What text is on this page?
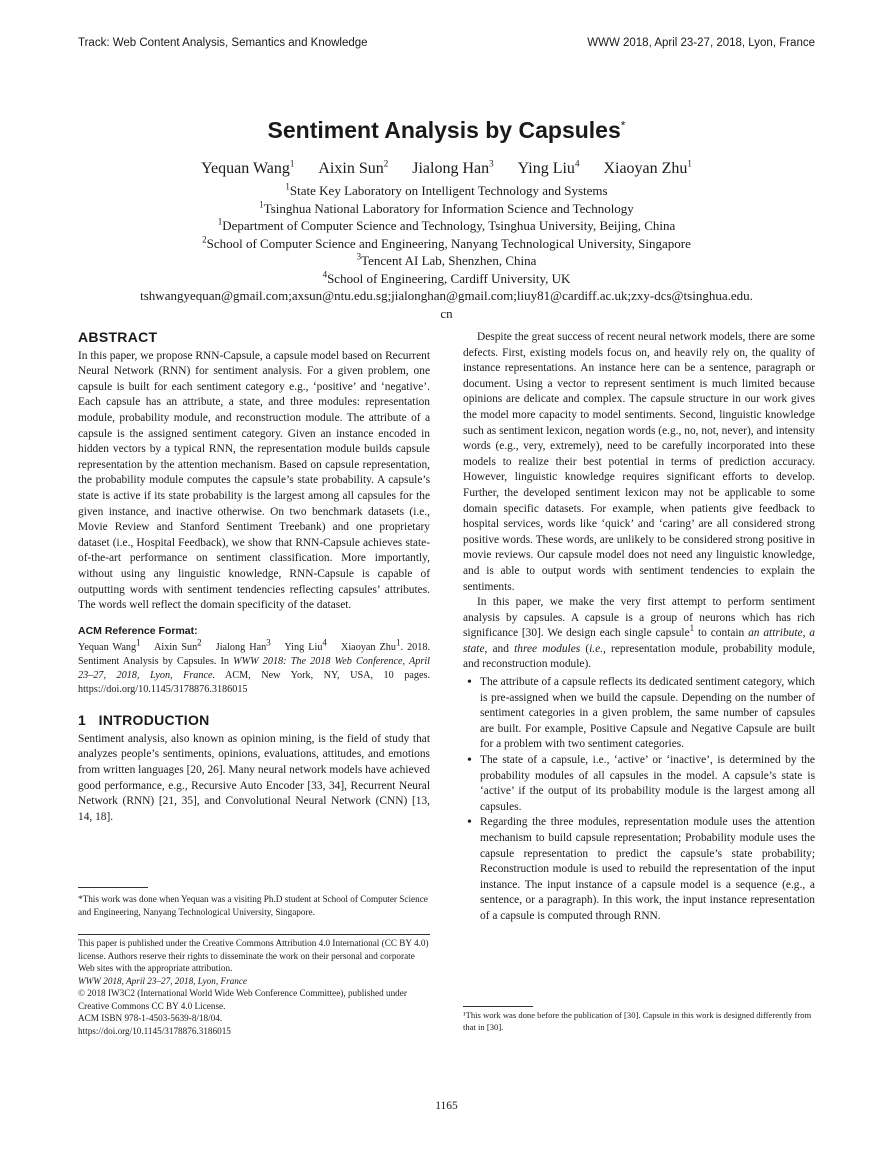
Track: Web Content Analysis, Semantics and Knowledge	WWW 2018, April 23-27, 2018, Lyon, France
Sentiment Analysis by Capsules*
Yequan Wang$^1$ Aixin Sun$^2$ Jialong Han$^3$ Ying Liu$^4$ Xiaoyan Zhu$^1$
$^1$State Key Laboratory on Intelligent Technology and Systems
$^1$Tsinghua National Laboratory for Information Science and Technology
$^1$Department of Computer Science and Technology, Tsinghua University, Beijing, China
$^2$School of Computer Science and Engineering, Nanyang Technological University, Singapore
$^3$Tencent AI Lab, Shenzhen, China
$^4$School of Engineering, Cardiff University, UK
tshwangyequan@gmail.com;axsun@ntu.edu.sg;jialonghan@gmail.com;liuy81@cardiff.ac.uk;zxy-dcs@tsinghua.edu.
cn
ABSTRACT

In this paper, we propose RNN-Capsule, a capsule model based on Recurrent Neural Network (RNN) for sentiment analysis. For a given problem, one capsule is built for each sentiment category e.g., ‘positive’ and ‘negative’. Each capsule has an attribute, a state, and three modules: representation module, probability module, and reconstruction module. The attribute of a capsule is the assigned sentiment category. Given an instance encoded in hidden vectors by a typical RNN, the representation module builds capsule representation by the attention mechanism. Based on capsule representation, the probability module computes the capsule’s state probability. A capsule’s state is active if its state probability is the largest among all capsules for the given instance, and inactive otherwise. On two benchmark datasets (i.e., Movie Review and Stanford Sentiment Treebank) and one proprietary dataset (i.e., Hospital Feedback), we show that RNN-Capsule achieves state-of-the-art performance on sentiment classification. More importantly, without using any linguistic knowledge, RNN-Capsule is capable of outputting words with sentiment tendencies reflecting capsules’ attributes. The words well reflect the domain specificity of the dataset.

ACM Reference Format:
Yequan Wang$^1$ Aixin Sun$^2$ Jialong Han$^3$ Ying Liu$^4$ Xiaoyan Zhu$^1$. 2018. Sentiment Analysis by Capsules. In WWW 2018: The 2018 Web Conference, April 23–27, 2018, Lyon, France. ACM, New York, NY, USA, 10 pages. https://doi.org/10.1145/3178876.3186015
1 INTRODUCTION

Sentiment analysis, also known as opinion mining, is the field of study that analyzes people’s sentiments, opinions, evaluations, attitudes, and emotions from written languages [20, 26]. Many neural network models have achieved good performance, e.g., Recursive Auto Encoder [33, 34], Recurrent Neural Network (RNN) [21, 35], and Convolutional Neural Network (CNN) [13, 14, 18].

*This work was done when Yequan was a visiting Ph.D student at School of Computer Science and Engineering, Nanyang Technological University, Singapore.
This paper is published under the Creative Commons Attribution 4.0 International (CC BY 4.0) license. Authors reserve their rights to disseminate the work on their personal and corporate Web sites with the appropriate attribution.
WWW 2018, April 23–27, 2018, Lyon, France
© 2018 IW3C2 (International World Wide Web Conference Committee), published under Creative Commons CC BY 4.0 License.
ACM ISBN 978-1-4503-5639-8/18/04.
https://doi.org/10.1145/3178876.3186015

Despite the great success of recent neural network models, there are some defects. First, existing models focus on, and heavily rely on, the quality of instance representations. An instance here can be a sentence, paragraph or document. Using a vector to represent sentiment is much limited because opinions are delicate and complex. The capsule structure in our work gives the model more capacity to model sentiments. Second, linguistic knowledge such as sentiment lexicon, negation words (e.g., no, not, never), and intensity words (e.g., very, extremely), need to be carefully incorporated into these models to realize their best potential in terms of prediction accuracy. However, linguistic knowledge requires significant efforts to develop. Further, the developed sentiment lexicon may not be applicable to some domain specific datasets. For example, when patients give feedback to hospital services, words like ‘quick’ and ‘caring’ are all considered strong positive words. These words, are unlikely to be considered strong positive in movie reviews. Our capsule model does not need any linguistic knowledge, and is able to output words with sentiment tendencies to explain the sentiments.

In this paper, we make the very first attempt to perform sentiment analysis by capsules. A capsule is a group of neurons which has rich significance [30]. We design each single capsule$^1$ to contain an attribute, a state, and three modules (i.e., representation module, probability module, and reconstruction module).

• The attribute of a capsule reflects its dedicated sentiment category, which is pre-assigned when we build the capsule. Depending on the number of sentiment categories in a given problem, the same number of capsules are built. For example, Positive Capsule and Negative Capsule are built for a problem with two sentiment categories.
• The state of a capsule, i.e., ‘active’ or ‘inactive’, is determined by the probability modules of all capsules in the model. A capsule’s state is ‘active’ if the output of its probability module is the largest among all capsules.
• Regarding the three modules, representation module uses the attention mechanism to build capsule representation; Probability module uses the capsule representation to predict the capsule’s state probability; Reconstruction module is used to rebuild the representation of the input instance. The input instance of a capsule model is a sequence (e.g., a sentence, or a paragraph). In this work, the input instance representation of a capsule is computed through RNN.
¹This work was done before the publication of [30]. Capsule in this work is designed differently from that in [30].
1165
